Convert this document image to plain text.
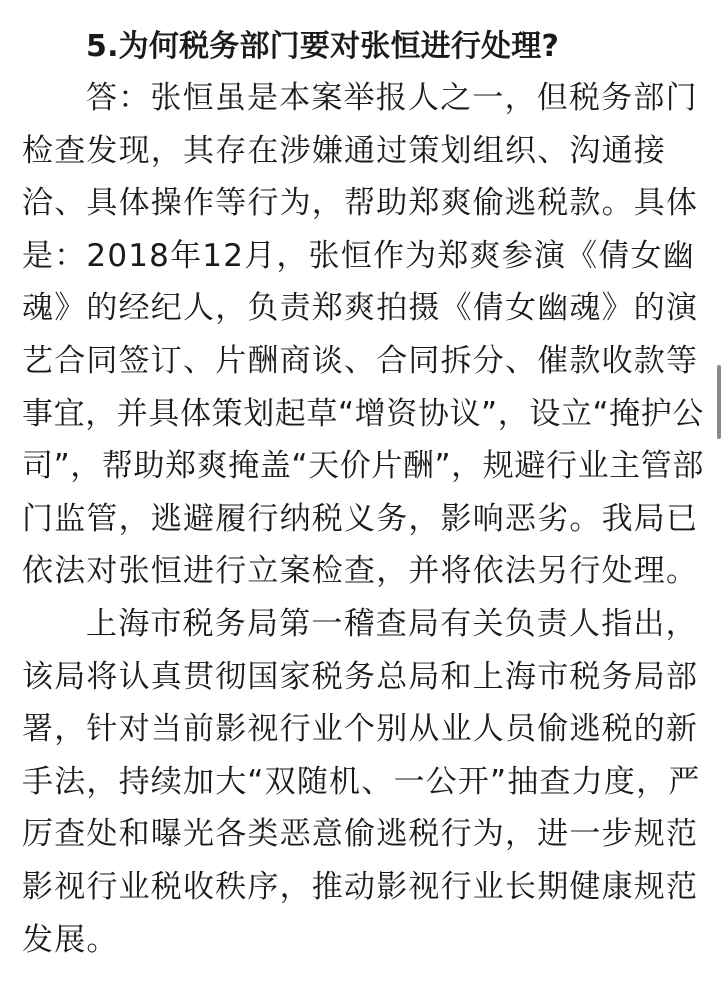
5.为何税务部门要对张恒进行处理?
答：张恒虽是本案举报人之一，但税务部门
检查发现，其存在涉嫌通过策划组织、沟通接
洽、具体操作等行为，帮助郑爽偷逃税款。具体
是：2018年12月，张恒作为郑爽参演《倩女幽
魂》的经纪人，负责郑爽拍摄《倩女幽魂》的演
艺合同签订、片酬商谈、合同拆分、催款收款等
事宜，并具体策划起草“增资协议”，设立“掩护公
司”，帮助郑爽掩盖“天价片酬”，规避行业主管部
门监管，逃避履行纳税义务，影响恶劣。我局已
依法对张恒进行立案检查，并将依法另行处理。
上海市税务局第一稽查局有关负责人指出，
该局将认真贯彻国家税务总局和上海市税务局部
署，针对当前影视行业个别从业人员偷逃税的新
手法，持续加大“双随机、一公开”抽查力度，严
厉查处和曝光各类恶意偷逃税行为，进一步规范
影视行业税收秩序，推动影视行业长期健康规范
发展。
